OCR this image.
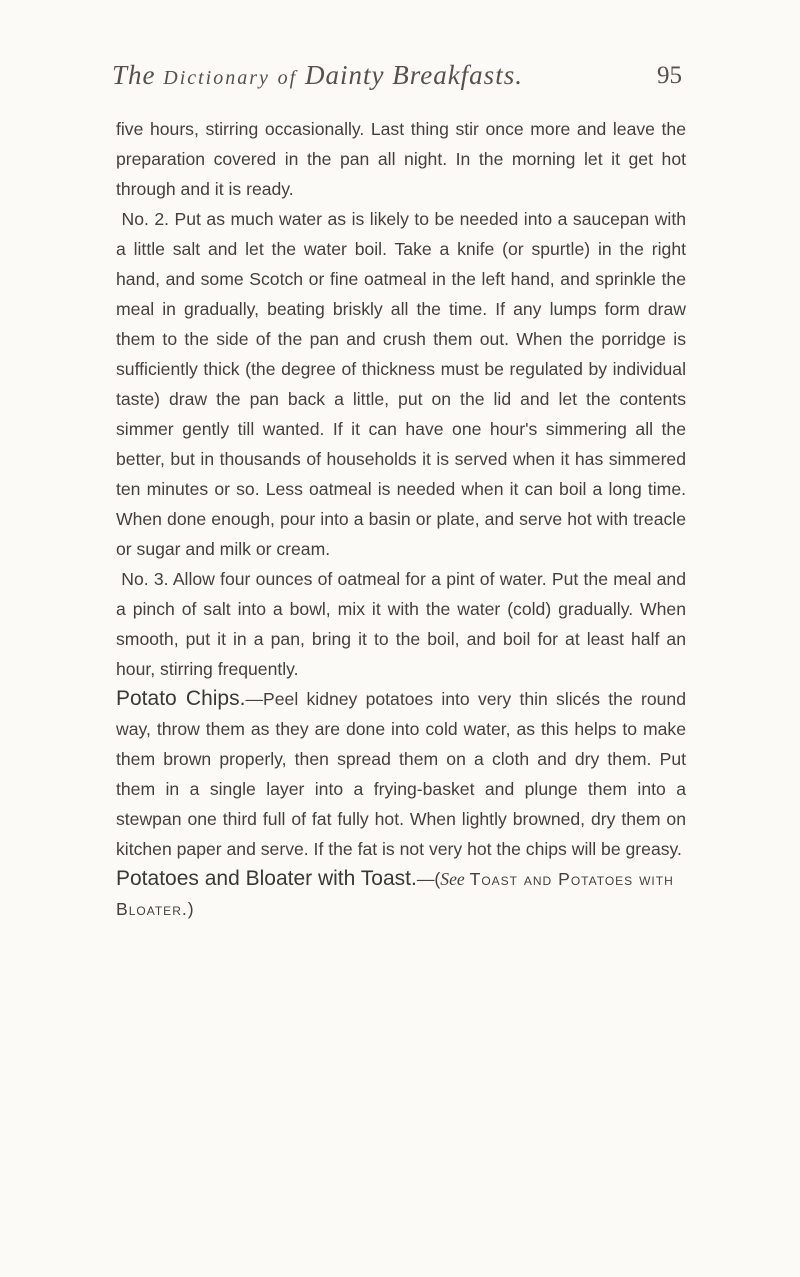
The Dictionary of Dainty Breakfasts.	95

five hours, stirring occasionally. Last thing stir once more and leave the preparation covered in the pan all night. In the morning let it get hot through and it is ready.

No. 2. Put as much water as is likely to be needed into a saucepan with a little salt and let the water boil. Take a knife (or spurtle) in the right hand, and some Scotch or fine oatmeal in the left hand, and sprinkle the meal in gradually, beating briskly all the time. If any lumps form draw them to the side of the pan and crush them out. When the porridge is sufficiently thick (the degree of thickness must be regulated by individual taste) draw the pan back a little, put on the lid and let the contents simmer gently till wanted. If it can have one hour's simmering all the better, but in thousands of households it is served when it has simmered ten minutes or so. Less oatmeal is needed when it can boil a long time. When done enough, pour into a basin or plate, and serve hot with treacle or sugar and milk or cream.

No. 3. Allow four ounces of oatmeal for a pint of water. Put the meal and a pinch of salt into a bowl, mix it with the water (cold) gradually. When smooth, put it in a pan, bring it to the boil, and boil for at least half an hour, stirring frequently.

Potato Chips.—Peel kidney potatoes into very thin slicés the round way, throw them as they are done into cold water, as this helps to make them brown properly, then spread them on a cloth and dry them. Put them in a single layer into a frying-basket and plunge them into a stewpan one third full of fat fully hot. When lightly browned, dry them on kitchen paper and serve. If the fat is not very hot the chips will be greasy.

Potatoes and Bloater with Toast.—(See Toast and Potatoes with Bloater.)
